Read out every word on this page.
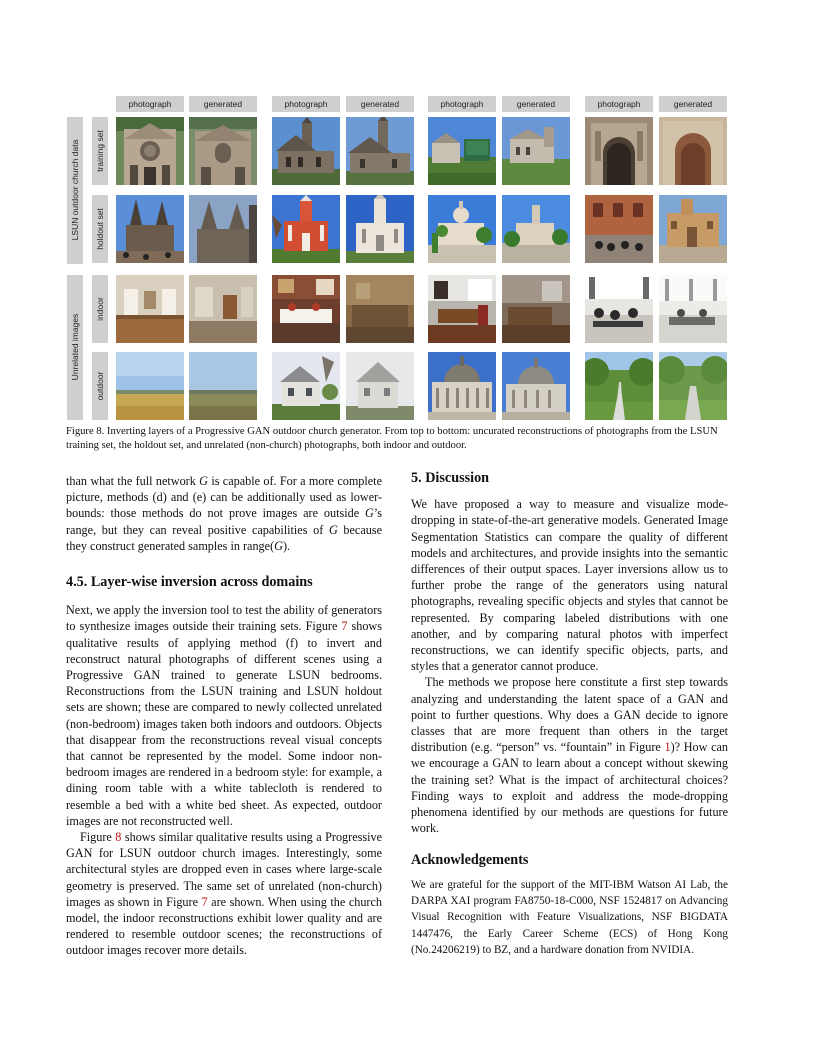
photograph	generated	photograph	generated	photograph	generated	photograph	generated
LSUN outdoor church data
Unrelated images
training set
holdout set
indoor
outdoor
Figure 8. Inverting layers of a Progressive GAN outdoor church generator. From top to bottom: uncurated reconstructions of photographs from the LSUN training set, the holdout set, and unrelated (non-church) photographs, both indoor and outdoor.

than what the full network G is capable of. For a more complete picture, methods (d) and (e) can be additionally used as lower-bounds: those methods do not prove images are outside G’s range, but they can reveal positive capabilities of G because they construct generated samples in range(G).

4.5. Layer-wise inversion across domains

Next, we apply the inversion tool to test the ability of generators to synthesize images outside their training sets. Figure 7 shows qualitative results of applying method (f) to invert and reconstruct natural photographs of different scenes using a Progressive GAN trained to generate LSUN bedrooms. Reconstructions from the LSUN training and LSUN holdout sets are shown; these are compared to newly collected unrelated (non-bedroom) images taken both indoors and outdoors. Objects that disappear from the reconstructions reveal visual concepts that cannot be represented by the model. Some indoor non-bedroom images are rendered in a bedroom style: for example, a dining room table with a white tablecloth is rendered to resemble a bed with a white bed sheet. As expected, outdoor images are not reconstructed well.

Figure 8 shows similar qualitative results using a Progressive GAN for LSUN outdoor church images. Interestingly, some architectural styles are dropped even in cases where large-scale geometry is preserved. The same set of unrelated (non-church) images as shown in Figure 7 are shown. When using the church model, the indoor reconstructions exhibit lower quality and are rendered to resemble outdoor scenes; the reconstructions of outdoor images recover more details.

5. Discussion

We have proposed a way to measure and visualize mode-dropping in state-of-the-art generative models. Generated Image Segmentation Statistics can compare the quality of different models and architectures, and provide insights into the semantic differences of their output spaces. Layer inversions allow us to further probe the range of the generators using natural photographs, revealing specific objects and styles that cannot be represented. By comparing labeled distributions with one another, and by comparing natural photos with imperfect reconstructions, we can identify specific objects, parts, and styles that a generator cannot produce.

The methods we propose here constitute a first step towards analyzing and understanding the latent space of a GAN and point to further questions. Why does a GAN decide to ignore classes that are more frequent than others in the target distribution (e.g. “person” vs. “fountain” in Figure 1)? How can we encourage a GAN to learn about a concept without skewing the training set? What is the impact of architectural choices? Finding ways to exploit and address the mode-dropping phenomena identified by our methods are questions for future work.

Acknowledgements

We are grateful for the support of the MIT-IBM Watson AI Lab, the DARPA XAI program FA8750-18-C000, NSF 1524817 on Advancing Visual Recognition with Feature Visualizations, NSF BIGDATA 1447476, the Early Career Scheme (ECS) of Hong Kong (No.24206219) to BZ, and a hardware donation from NVIDIA.
